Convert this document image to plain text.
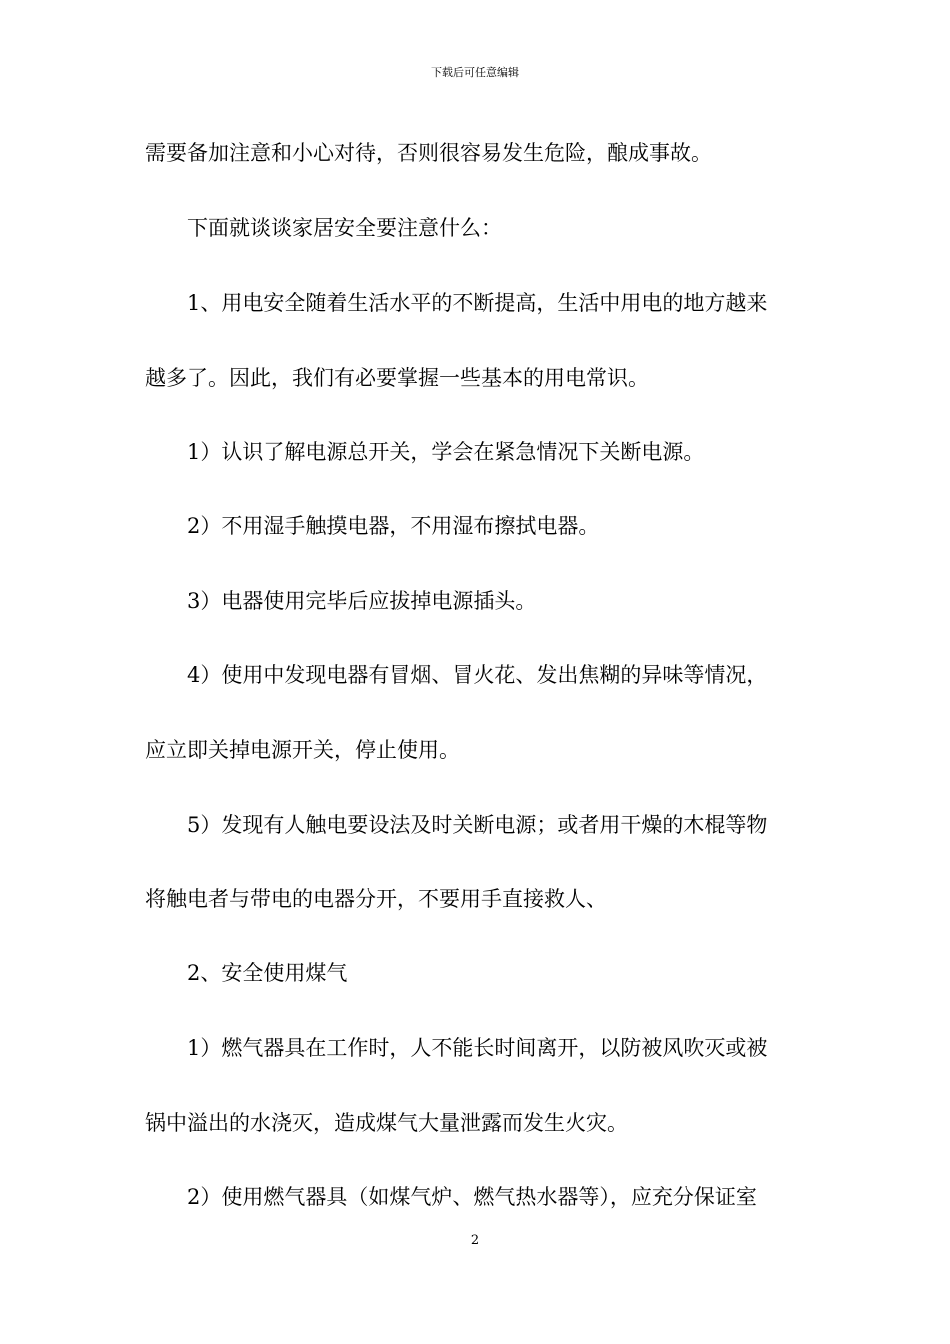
下载后可任意编辑
需要备加注意和小心对待，否则很容易发生危险，酿成事故。
下面就谈谈家居安全要注意什么：
1、用电安全随着生活水平的不断提高，生活中用电的地方越来
越多了。因此，我们有必要掌握一些基本的用电常识。
1）认识了解电源总开关，学会在紧急情况下关断电源。
2）不用湿手触摸电器，不用湿布擦拭电器。
3）电器使用完毕后应拔掉电源插头。
4）使用中发现电器有冒烟、冒火花、发出焦糊的异味等情况，
应立即关掉电源开关，停止使用。
5）发现有人触电要设法及时关断电源；或者用干燥的木棍等物
将触电者与带电的电器分开，不要用手直接救人、
2、安全使用煤气
1）燃气器具在工作时，人不能长时间离开，以防被风吹灭或被
锅中溢出的水浇灭，造成煤气大量泄露而发生火灾。
2）使用燃气器具（如煤气炉、燃气热水器等），应充分保证室
2
